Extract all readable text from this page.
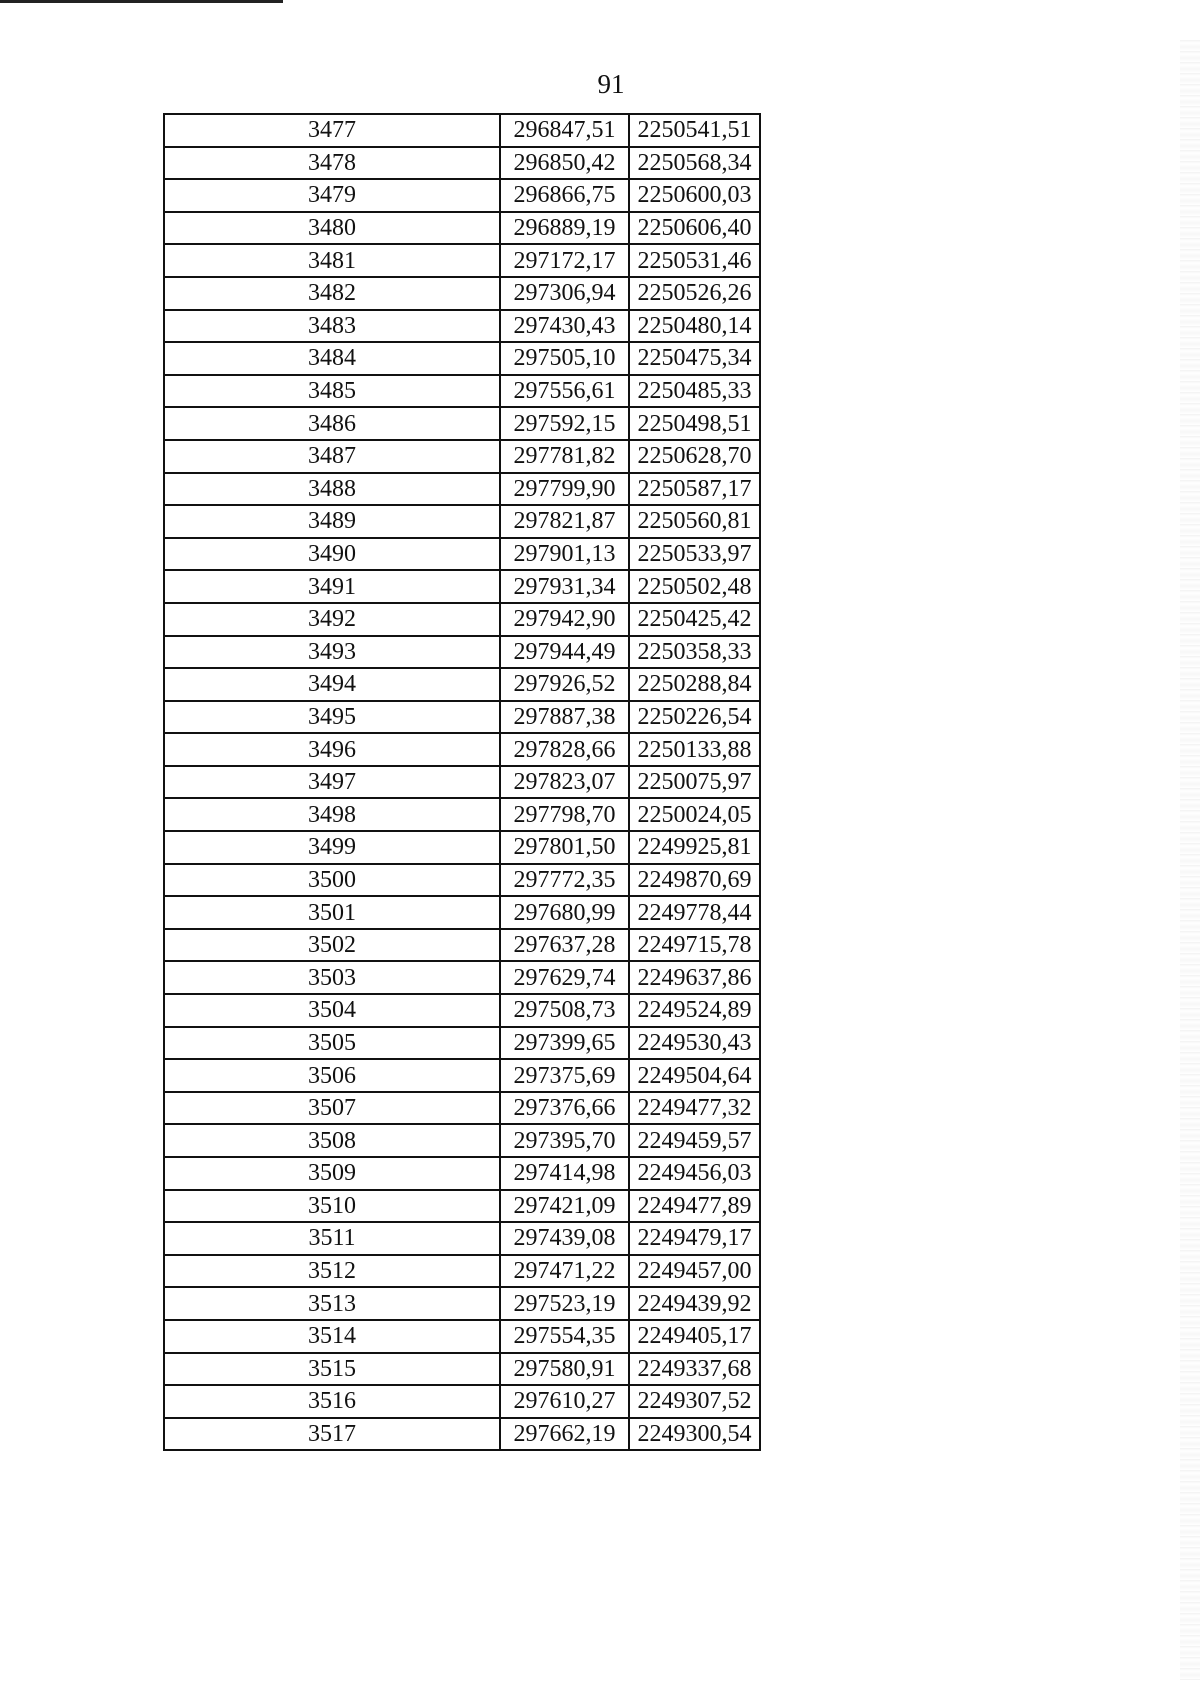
91
3477	296847,51	2250541,51
3478	296850,42	2250568,34
3479	296866,75	2250600,03
3480	296889,19	2250606,40
3481	297172,17	2250531,46
3482	297306,94	2250526,26
3483	297430,43	2250480,14
3484	297505,10	2250475,34
3485	297556,61	2250485,33
3486	297592,15	2250498,51
3487	297781,82	2250628,70
3488	297799,90	2250587,17
3489	297821,87	2250560,81
3490	297901,13	2250533,97
3491	297931,34	2250502,48
3492	297942,90	2250425,42
3493	297944,49	2250358,33
3494	297926,52	2250288,84
3495	297887,38	2250226,54
3496	297828,66	2250133,88
3497	297823,07	2250075,97
3498	297798,70	2250024,05
3499	297801,50	2249925,81
3500	297772,35	2249870,69
3501	297680,99	2249778,44
3502	297637,28	2249715,78
3503	297629,74	2249637,86
3504	297508,73	2249524,89
3505	297399,65	2249530,43
3506	297375,69	2249504,64
3507	297376,66	2249477,32
3508	297395,70	2249459,57
3509	297414,98	2249456,03
3510	297421,09	2249477,89
3511	297439,08	2249479,17
3512	297471,22	2249457,00
3513	297523,19	2249439,92
3514	297554,35	2249405,17
3515	297580,91	2249337,68
3516	297610,27	2249307,52
3517	297662,19	2249300,54
